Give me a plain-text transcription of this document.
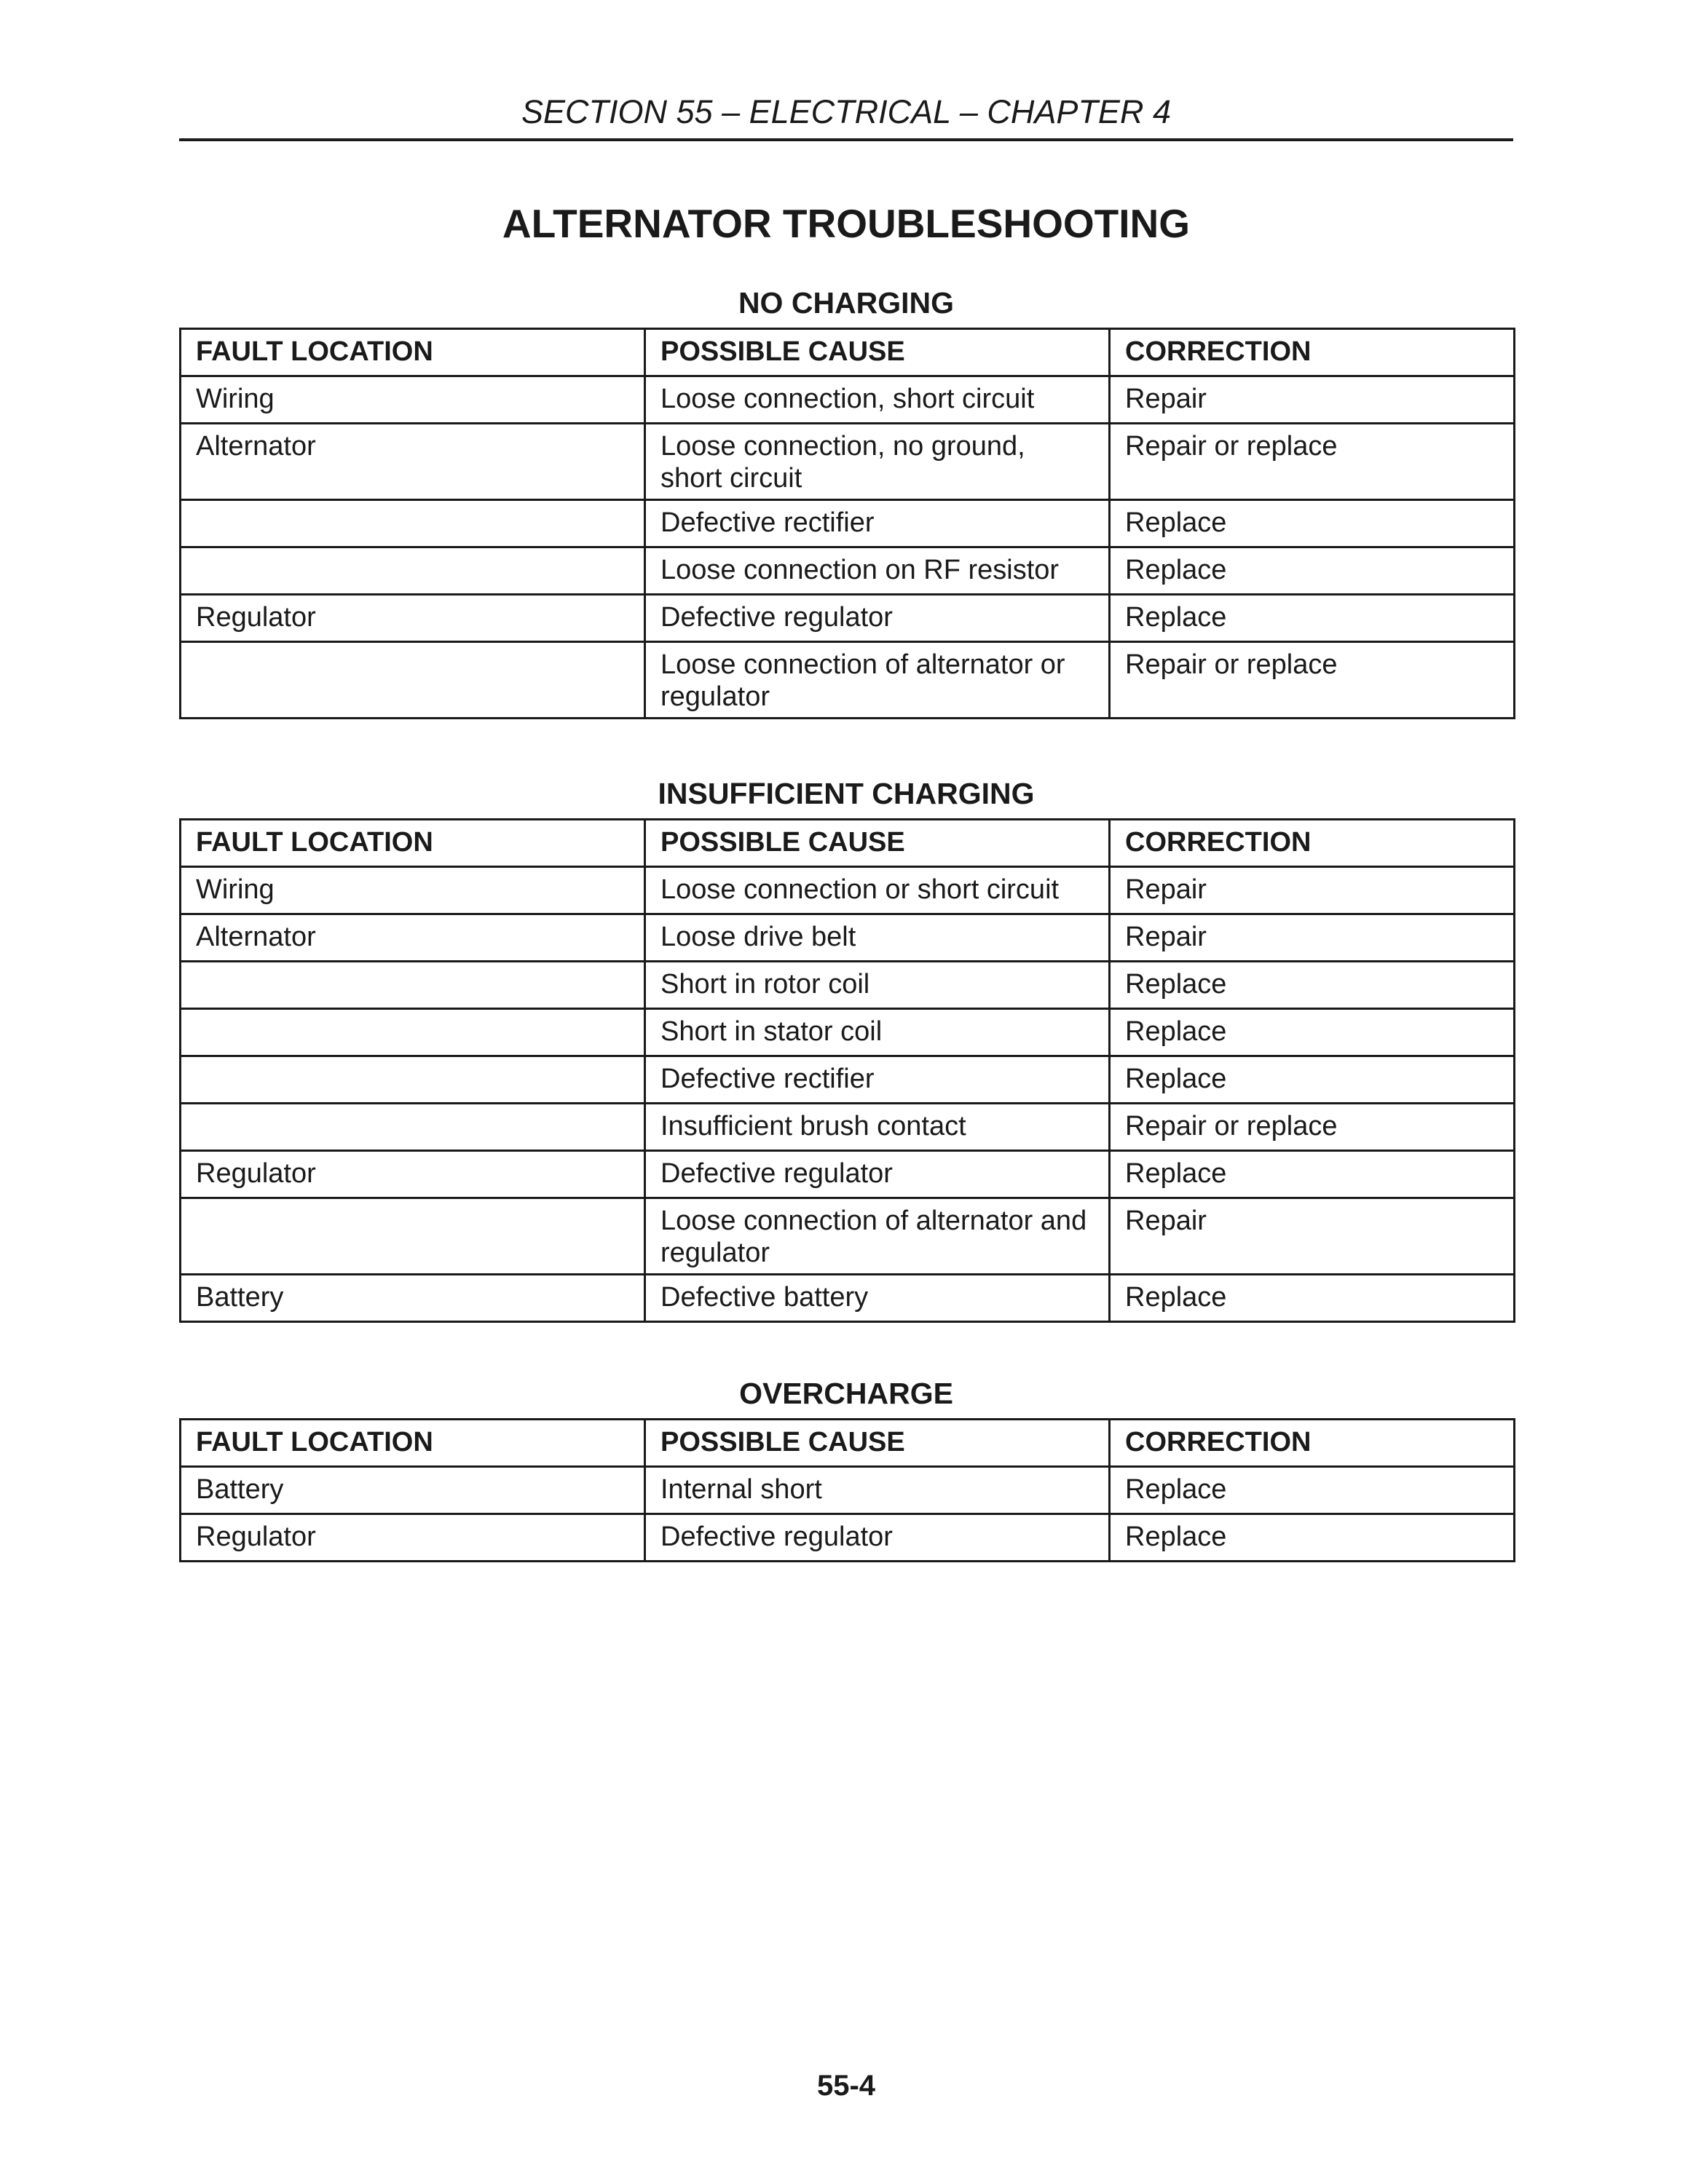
SECTION 55 – ELECTRICAL – CHAPTER 4
ALTERNATOR TROUBLESHOOTING
NO CHARGING
FAULT LOCATION	POSSIBLE CAUSE	CORRECTION
Wiring	Loose connection, short circuit	Repair
Alternator	Loose connection, no ground, short circuit	Repair or replace
	Defective rectifier	Replace
	Loose connection on RF resistor	Replace
Regulator	Defective regulator	Replace
	Loose connection of alternator or regulator	Repair or replace
INSUFFICIENT CHARGING
FAULT LOCATION	POSSIBLE CAUSE	CORRECTION
Wiring	Loose connection or short circuit	Repair
Alternator	Loose drive belt	Repair
	Short in rotor coil	Replace
	Short in stator coil	Replace
	Defective rectifier	Replace
	Insufficient brush contact	Repair or replace
Regulator	Defective regulator	Replace
	Loose connection of alternator and regulator	Repair
Battery	Defective battery	Replace
OVERCHARGE
FAULT LOCATION	POSSIBLE CAUSE	CORRECTION
Battery	Internal short	Replace
Regulator	Defective regulator	Replace
55-4
